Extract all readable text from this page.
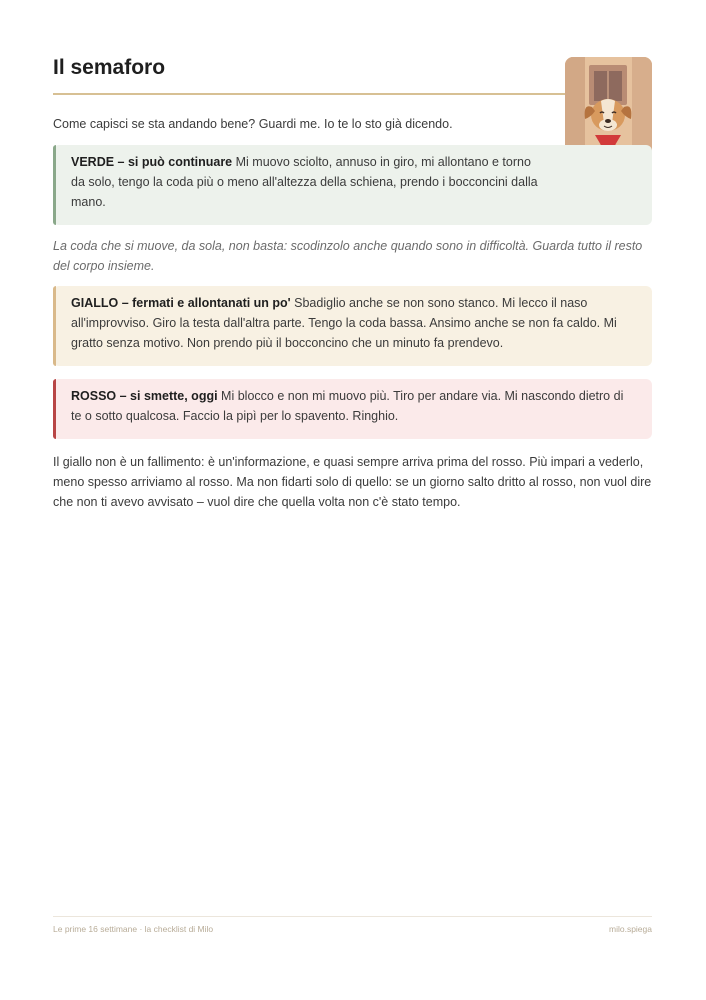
Il semaforo

Come capisci se sta andando bene? Guardi me. Io te lo sto già dicendo.

VERDE – si può continuare Mi muovo sciolto, annuso in giro, mi allontano e torno da solo, tengo la coda più o meno all'altezza della schiena, prendo i bocconcini dalla mano.

La coda che si muove, da sola, non basta: scodinzolo anche quando sono in difficoltà. Guarda tutto il resto del corpo insieme.

GIALLO – fermati e allontanati un po' Sbadiglio anche se non sono stanco. Mi lecco il naso all'improvviso. Giro la testa dall'altra parte. Tengo la coda bassa. Ansimo anche se non fa caldo. Mi gratto senza motivo. Non prendo più il bocconcino che un minuto fa prendevo.
ROSSO – si smette, oggi Mi blocco e non mi muovo più. Tiro per andare via. Mi nascondo dietro di te o sotto qualcosa. Faccio la pipì per lo spavento. Ringhio.

Il giallo non è un fallimento: è un'informazione, e quasi sempre arriva prima del rosso. Più impari a vederlo, meno spesso arriviamo al rosso. Ma non fidarti solo di quello: se un giorno salto dritto al rosso, non vuol dire che non ti avevo avvisato – vuol dire che quella volta non c'è stato tempo.

Le prime 16 settimane · la checklist di Milo	milo.spiega
